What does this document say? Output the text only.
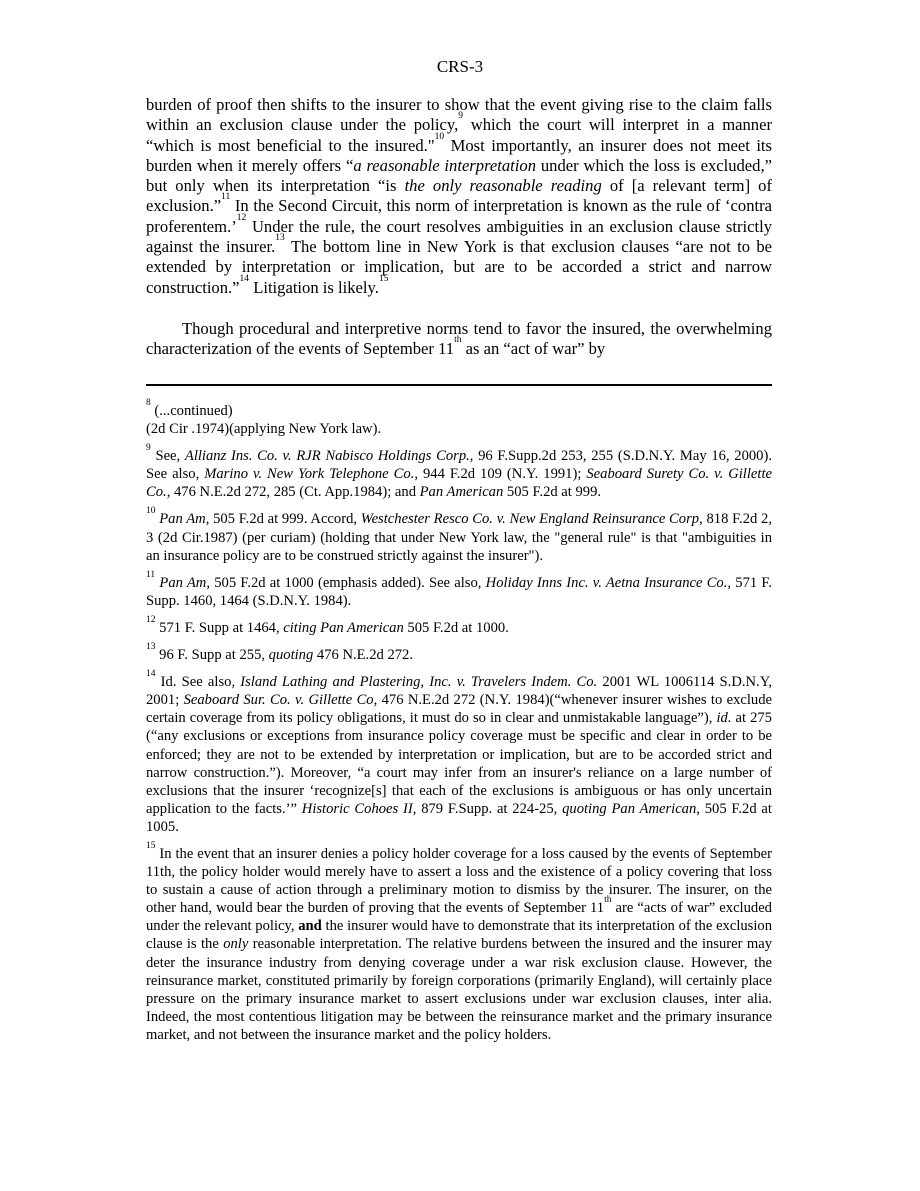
CRS-3
burden of proof then shifts to the insurer to show that the event giving rise to the claim falls within an exclusion clause under the policy,$^9$ which the court will interpret in a manner “which is most beneficial to the insured."$^{10}$ Most importantly, an insurer does not meet its burden when it merely offers “a reasonable interpretation under which the loss is excluded,” but only when its interpretation “is the only reasonable reading of [a relevant term] of exclusion.”$^{11}$ In the Second Circuit, this norm of interpretation is known as the rule of ‘contra proferentem.’$^{12}$ Under the rule, the court resolves ambiguities in an exclusion clause strictly against the insurer.$^{13}$ The bottom line in New York is that exclusion clauses “are not to be extended by interpretation or implication, but are to be accorded a strict and narrow construction.”$^{14}$ Litigation is likely.$^{15}$
Though procedural and interpretive norms tend to favor the insured, the overwhelming characterization of the events of September 11th as an “act of war” by
$^8$ (...continued)
(2d Cir .1974)(applying New York law).
$^9$ See, Allianz Ins. Co. v. RJR Nabisco Holdings Corp., 96 F.Supp.2d 253, 255 (S.D.N.Y. May 16, 2000). See also, Marino v. New York Telephone Co., 944 F.2d 109 (N.Y. 1991); Seaboard Surety Co. v. Gillette Co., 476 N.E.2d 272, 285 (Ct. App.1984); and Pan American 505 F.2d at 999.
$^{10}$ Pan Am, 505 F.2d at 999. Accord, Westchester Resco Co. v. New England Reinsurance Corp, 818 F.2d 2, 3 (2d Cir.1987) (per curiam) (holding that under New York law, the "general rule" is that "ambiguities in an insurance policy are to be construed strictly against the insurer").
$^{11}$ Pan Am, 505 F.2d at 1000 (emphasis added). See also, Holiday Inns Inc. v. Aetna Insurance Co., 571 F. Supp. 1460, 1464 (S.D.N.Y. 1984).
$^{12}$ 571 F. Supp at 1464, citing Pan American 505 F.2d at 1000.
$^{13}$ 96 F. Supp at 255, quoting 476 N.E.2d 272.
$^{14}$ Id. See also, Island Lathing and Plastering, Inc. v. Travelers Indem. Co. 2001 WL 1006114 S.D.N.Y, 2001; Seaboard Sur. Co. v. Gillette Co, 476 N.E.2d 272 (N.Y. 1984)(“whenever insurer wishes to exclude certain coverage from its policy obligations, it must do so in clear and unmistakable language”), id. at 275 (“any exclusions or exceptions from insurance policy coverage must be specific and clear in order to be enforced; they are not to be extended by interpretation or implication, but are to be accorded strict and narrow construction.”). Moreover, “a court may infer from an insurer's reliance on a large number of exclusions that the insurer ‘recognize[s] that each of the exclusions is ambiguous or has only uncertain application to the facts.’” Historic Cohoes II, 879 F.Supp. at 224-25, quoting Pan American, 505 F.2d at 1005.
$^{15}$ In the event that an insurer denies a policy holder coverage for a loss caused by the events of September 11th, the policy holder would merely have to assert a loss and the existence of a policy covering that loss to sustain a cause of action through a preliminary motion to dismiss by the insurer. The insurer, on the other hand, would bear the burden of proving that the events of September 11th are “acts of war” excluded under the relevant policy, and the insurer would have to demonstrate that its interpretation of the exclusion clause is the only reasonable interpretation. The relative burdens between the insured and the insurer may deter the insurance industry from denying coverage under a war risk exclusion clause. However, the reinsurance market, constituted primarily by foreign corporations (primarily England), will certainly place pressure on the primary insurance market to assert exclusions under war exclusion clauses, inter alia. Indeed, the most contentious litigation may be between the reinsurance market and the primary insurance market, and not between the insurance market and the policy holders.
